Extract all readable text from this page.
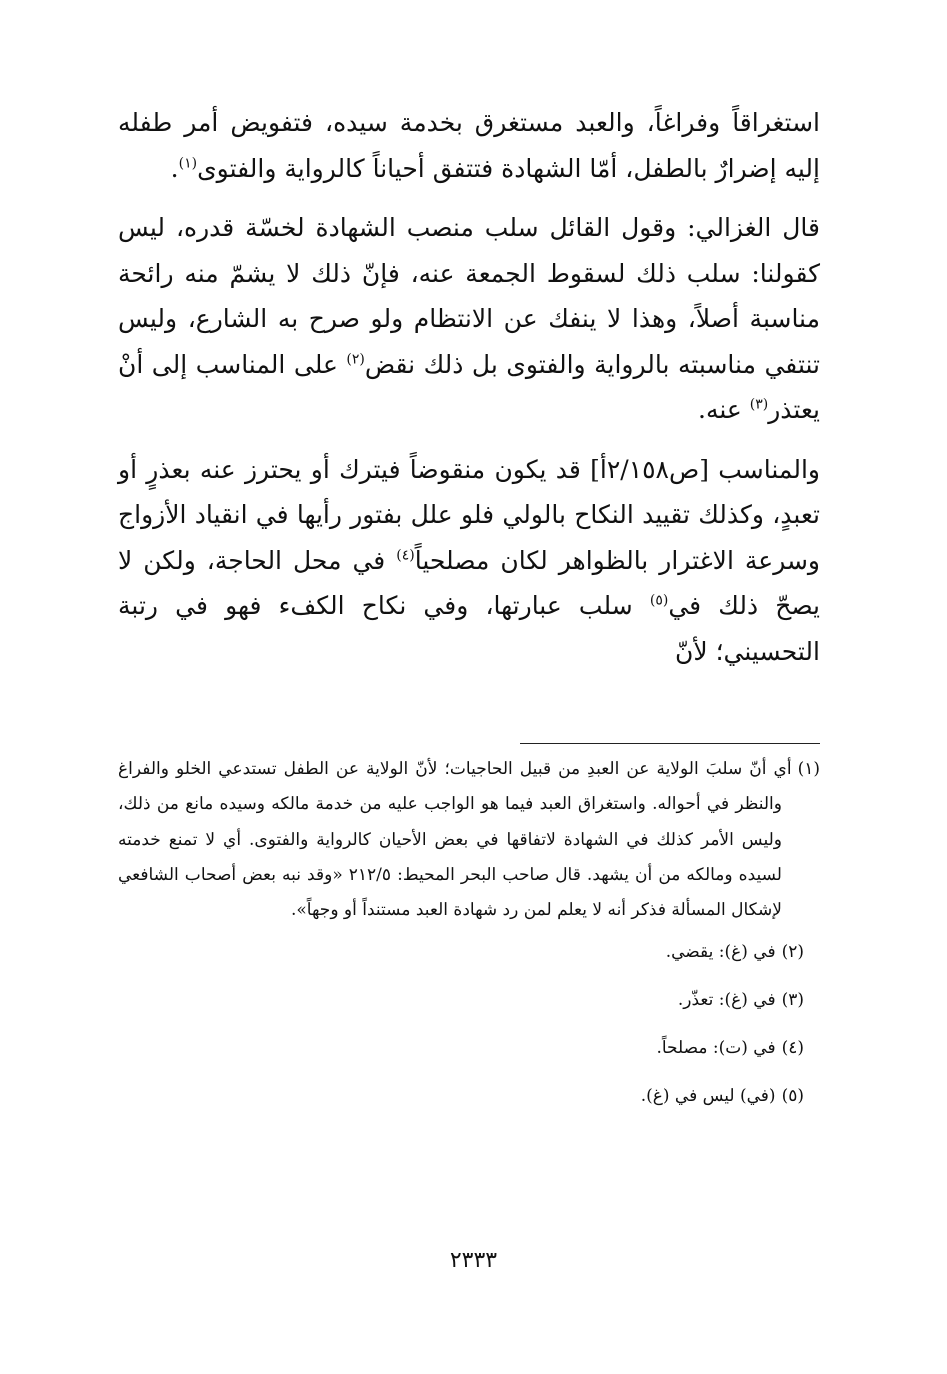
استغراقاً وفراغاً، والعبد مستغرق بخدمة سيده، فتفويض أمر طفله إليه إضرارٌ بالطفل، أمّا الشهادة فتتفق أحياناً كالرواية والفتوى$^{(١)}$.

قال الغزالي: وقول القائل سلب منصب الشهادة لخسّة قدره، ليس كقولنا: سلب ذلك لسقوط الجمعة عنه، فإنّ ذلك لا يشمّ منه رائحة مناسبة أصلاً، وهذا لا ينفك عن الانتظام ولو صرح به الشارع، وليس تنتفي مناسبته بالرواية والفتوى بل ذلك نقض$^{(٢)}$ على المناسب إلى أنْ يعتذر$^{(٣)}$ عنه.

والمناسب [ص٢/١٥٨أ] قد يكون منقوضاً فيترك أو يحترز عنه بعذرٍ أو تعبدٍ، وكذلك تقييد النكاح بالولي فلو علل بفتور رأيها في انقياد الأزواج وسرعة الاغترار بالظواهر لكان مصلحياً$^{(٤)}$ في محل الحاجة، ولكن لا يصحّ ذلك في$^{(٥)}$ سلب عبارتها، وفي نكاح الكفء فهو في رتبة التحسيني؛ لأنّ

(١)أي أنّ سلبَ الولاية عن العبدِ من قبيل الحاجيات؛ لأنّ الولاية عن الطفل تستدعي الخلو والفراغ والنظر في أحواله. واستغراق العبد فيما هو الواجب عليه من خدمة مالكه وسيده مانع من ذلك، وليس الأمر كذلك في الشهادة لاتفاقها في بعض الأحيان كالرواية والفتوى. أي لا تمنع خدمته لسيده ومالكه من أن يشهد. قال صاحب البحر المحيط: ٢١٢/٥ «وقد نبه بعض أصحاب الشافعي لإشكال المسألة فذكر أنه لا يعلم لمن رد شهادة العبد مستنداً أو وجهاً».

(٢)في (غ): يقضي.

(٣)في (غ): تعذّر.

(٤)في (ت): مصلحاً.

(٥)(في) ليس في (غ).

٢٣٣٣
